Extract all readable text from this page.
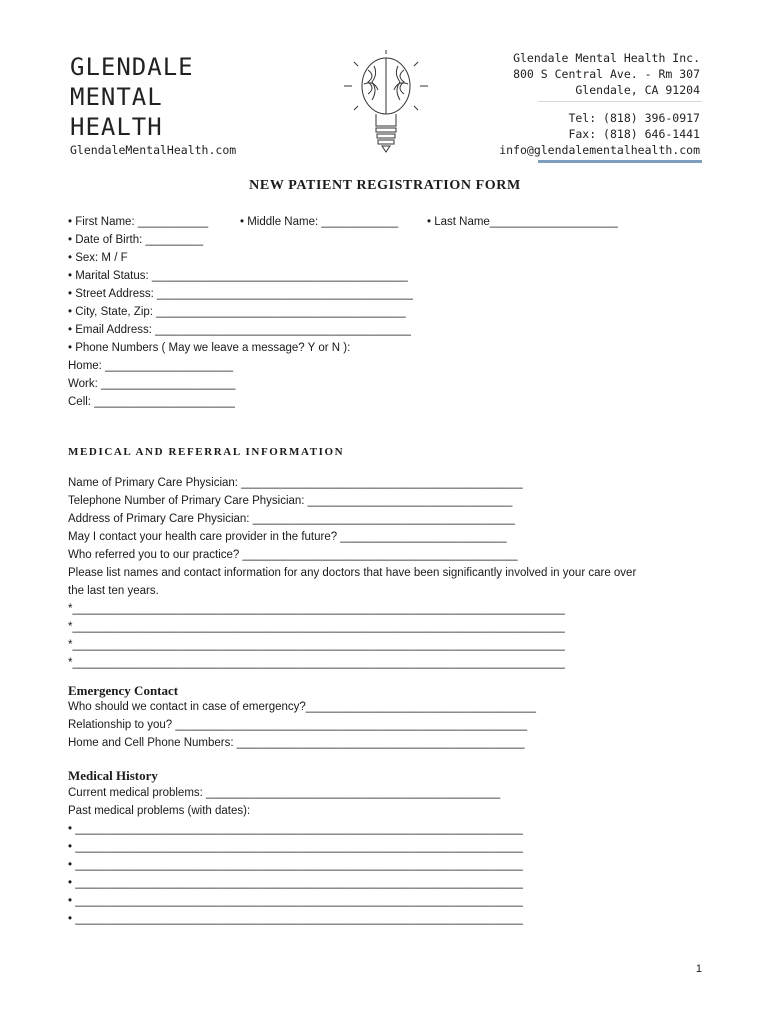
GLENDALE
MENTAL
HEALTH
GlendaleMentalHealth.com
Glendale Mental Health Inc.
800 S Central Ave. - Rm 307
Glendale, CA 91204
Tel: (818) 396-0917
Fax: (818) 646-1441
info@glendalementalhealth.com
NEW PATIENT REGISTRATION FORM
• First Name: ___________	• Middle Name: ____________	• Last Name____________________
• Date of Birth: _________
• Sex: M / F
• Marital Status: ________________________________________
• Street Address: ________________________________________
• City, State, Zip: _______________________________________
• Email Address: ________________________________________
• Phone Numbers ( May we leave a message? Y or N ):
Home: ____________________
Work: _____________________
Cell: ______________________
MEDICAL AND REFERRAL INFORMATION
Name of Primary Care Physician: ____________________________________________
Telephone Number of Primary Care Physician: ________________________________
Address of Primary Care Physician: _________________________________________
May I contact your health care provider in the future? __________________________
Who referred you to our practice? ___________________________________________
Please list names and contact information for any doctors that have been significantly involved in your care over
the last ten years.
*_____________________________________________________________________________
*_____________________________________________________________________________
*_____________________________________________________________________________
*_____________________________________________________________________________
Emergency Contact
Who should we contact in case of emergency?____________________________________
Relationship to you? _______________________________________________________
Home and Cell Phone Numbers: _____________________________________________
Medical History
Current medical problems: ______________________________________________
Past medical problems (with dates):
• ______________________________________________________________________
• ______________________________________________________________________
• ______________________________________________________________________
• ______________________________________________________________________
• ______________________________________________________________________
• ______________________________________________________________________
1
